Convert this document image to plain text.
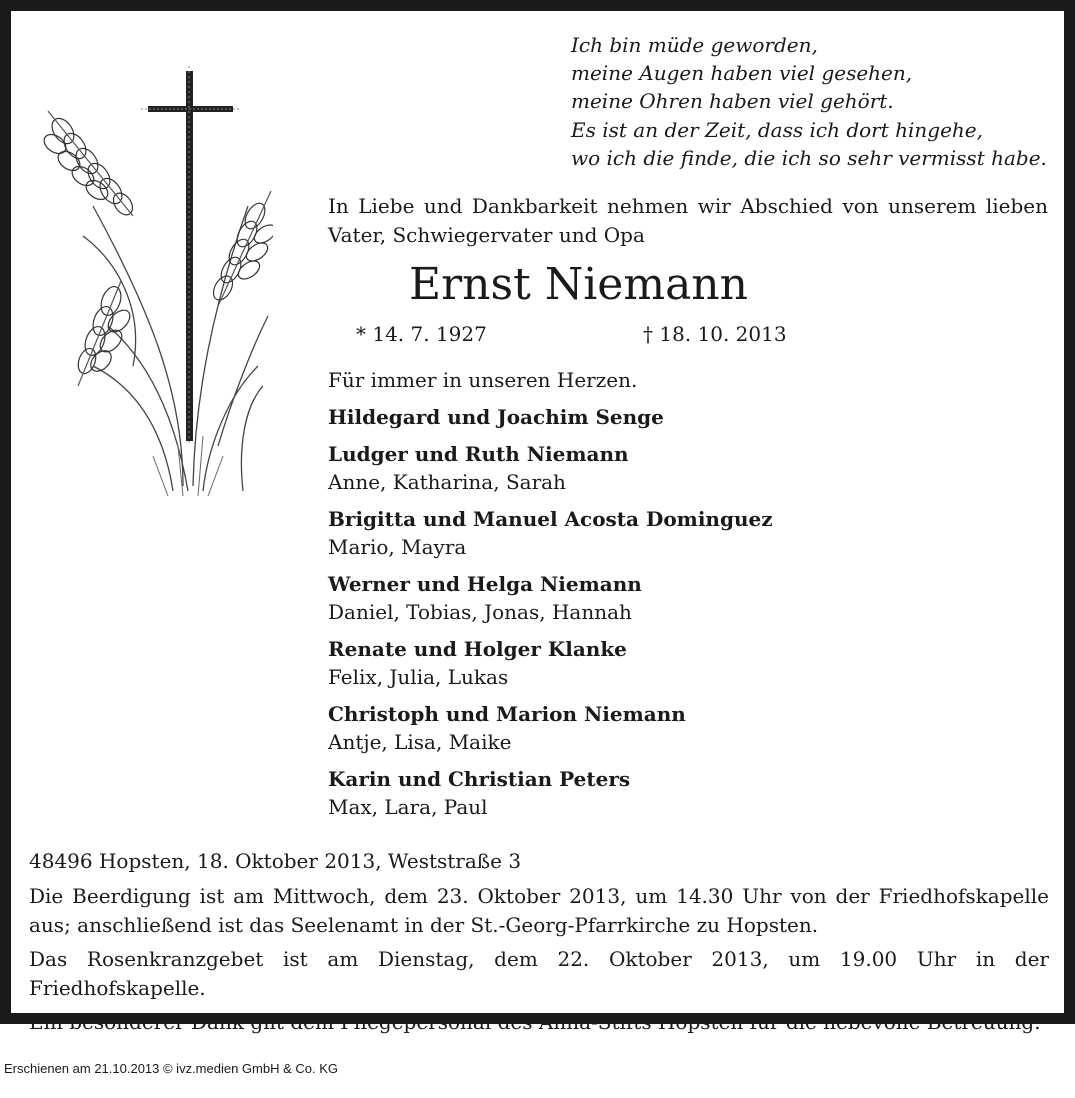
Ich bin müde geworden,
meine Augen haben viel gesehen,
meine Ohren haben viel gehört.
Es ist an der Zeit, dass ich dort hingehe,
wo ich die finde, die ich so sehr vermisst habe.
In Liebe und Dankbarkeit nehmen wir Abschied von unserem lieben Vater, Schwiegervater und Opa
Ernst Niemann
* 14. 7. 1927	† 18. 10. 2013
Für immer in unseren Herzen.
Hildegard und Joachim Senge
Ludger und Ruth Niemann
Anne, Katharina, Sarah
Brigitta und Manuel Acosta Dominguez
Mario, Mayra
Werner und Helga Niemann
Daniel, Tobias, Jonas, Hannah
Renate und Holger Klanke
Felix, Julia, Lukas
Christoph und Marion Niemann
Antje, Lisa, Maike
Karin und Christian Peters
Max, Lara, Paul

48496 Hopsten, 18. Oktober 2013, Weststraße 3

Die Beerdigung ist am Mittwoch, dem 23. Oktober 2013, um 14.30 Uhr von der Friedhofskapelle aus; anschließend ist das Seelenamt in der St.-Georg-Pfarrkirche zu Hopsten.

Das Rosenkranzgebet ist am Dienstag, dem 22. Oktober 2013, um 19.00 Uhr in der Friedhofskapelle.

Ein besonderer Dank gilt dem Pflegepersonal des Anna-Stifts Hopsten für die liebevolle Betreuung.

Erschienen am 21.10.2013 © ivz.medien GmbH & Co. KG
